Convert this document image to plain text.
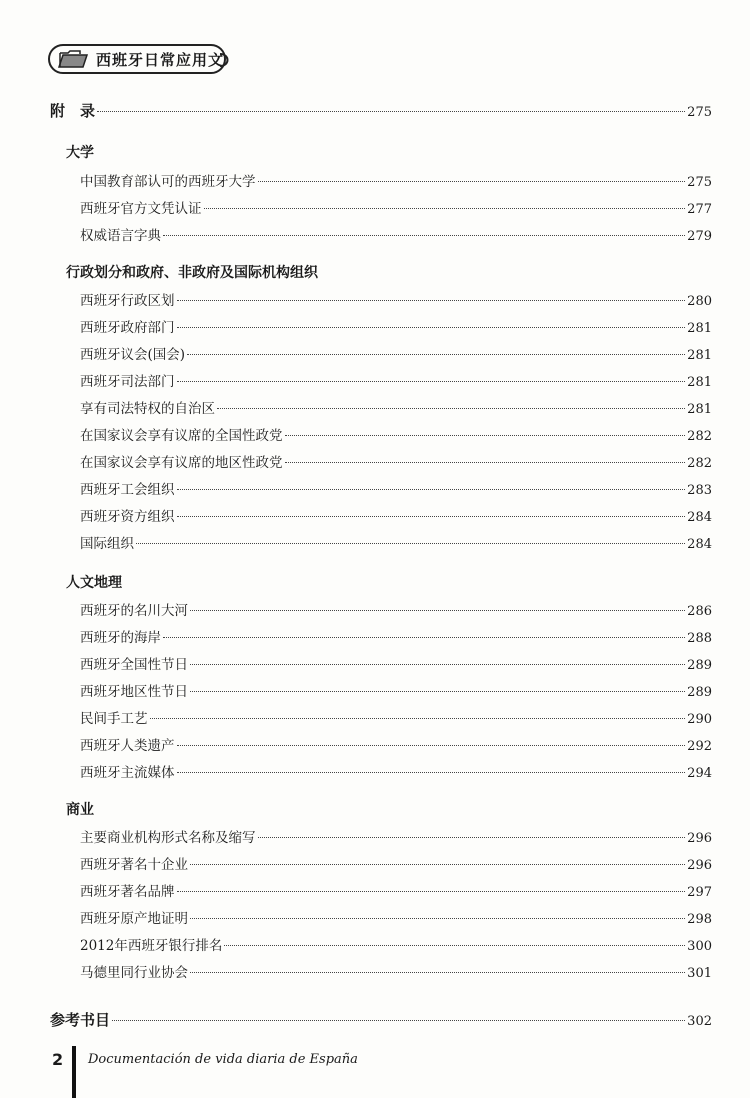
西班牙日常应用文
附　录	275
大学
中国教育部认可的西班牙大学	275
西班牙官方文凭认证	277
权威语言字典	279
行政划分和政府、非政府及国际机构组织
西班牙行政区划	280
西班牙政府部门	281
西班牙议会(国会)	281
西班牙司法部门	281
享有司法特权的自治区	281
在国家议会享有议席的全国性政党	282
在国家议会享有议席的地区性政党	282
西班牙工会组织	283
西班牙资方组织	284
国际组织	284
人文地理
西班牙的名川大河	286
西班牙的海岸	288
西班牙全国性节日	289
西班牙地区性节日	289
民间手工艺	290
西班牙人类遗产	292
西班牙主流媒体	294
商业
主要商业机构形式名称及缩写	296
西班牙著名十企业	296
西班牙著名品牌	297
西班牙原产地证明	298
2012年西班牙银行排名	300
马德里同行业协会	301
参考书目	302
2 Documentación de vida diaria de España
